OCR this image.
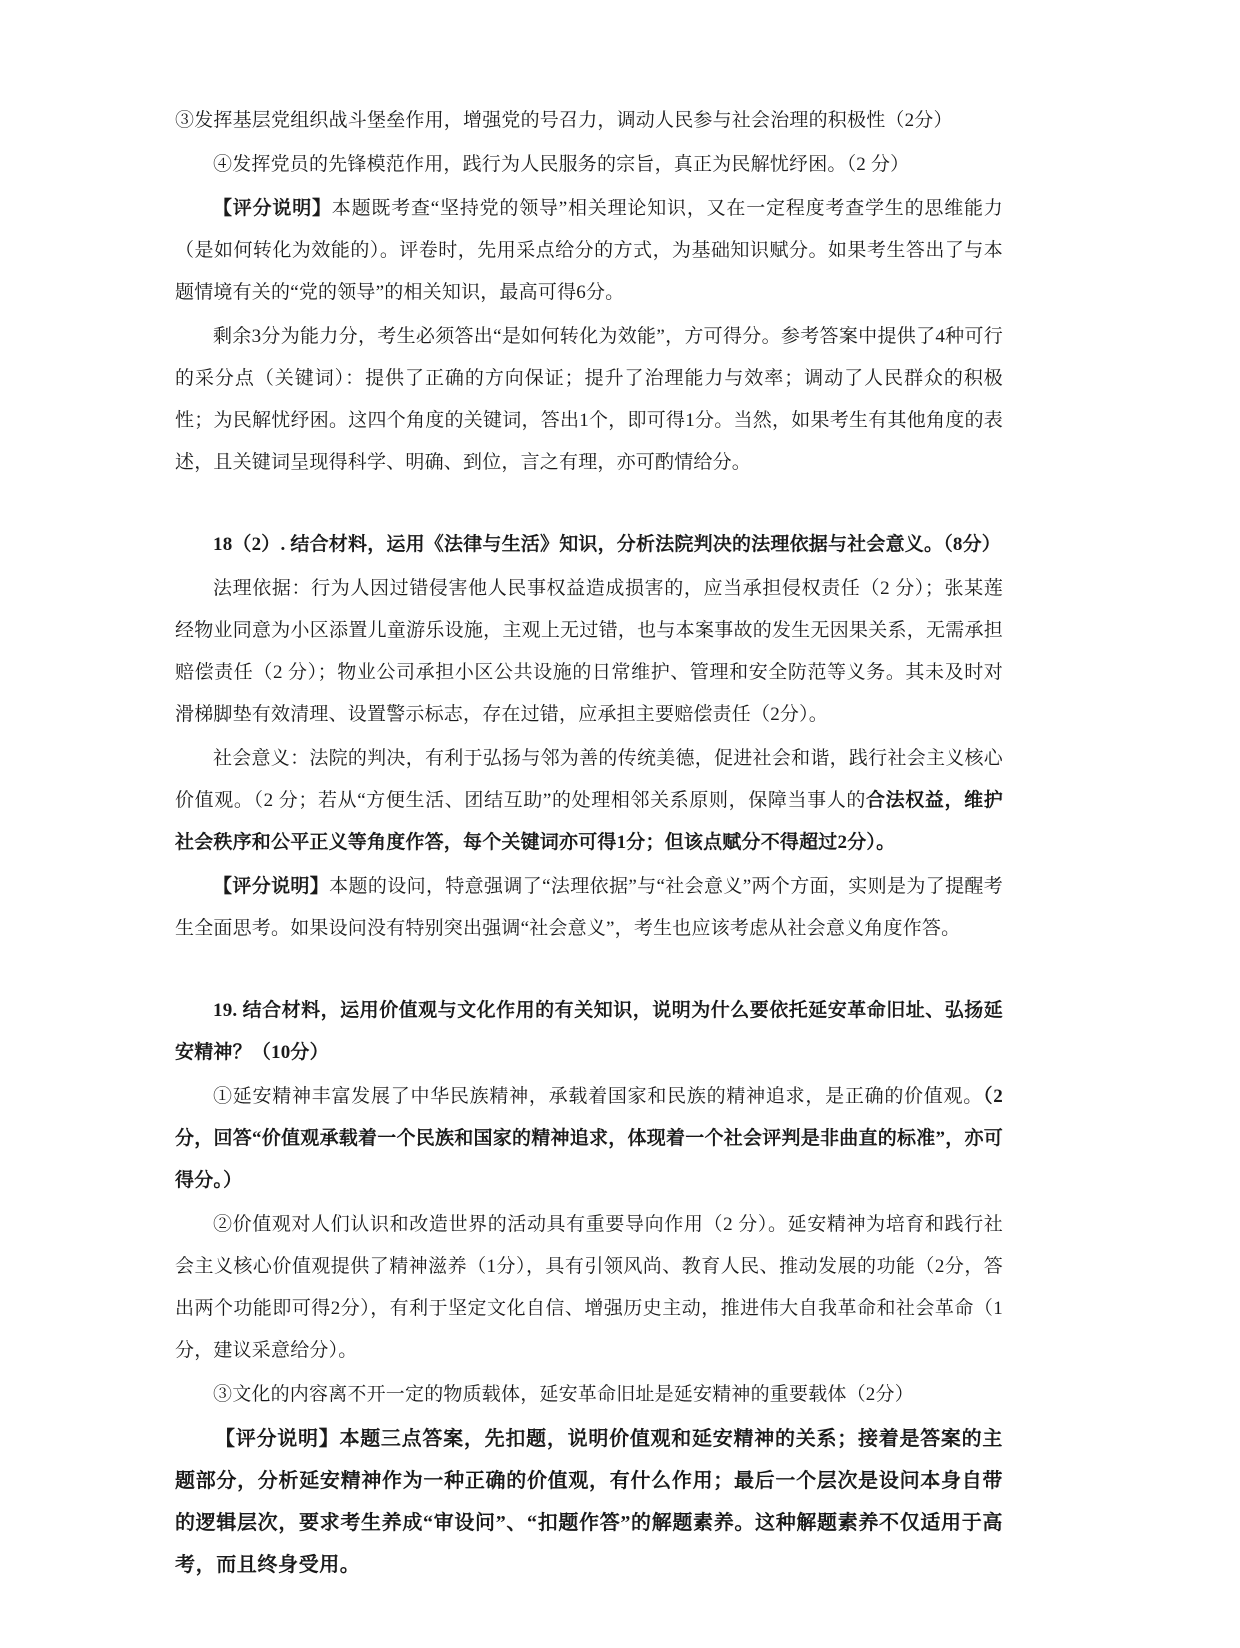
③发挥基层党组织战斗堡垒作用，增强党的号召力，调动人民参与社会治理的积极性（2分）

④发挥党员的先锋模范作用，践行为人民服务的宗旨，真正为民解忧纾困。（2 分）

【评分说明】本题既考查“坚持党的领导”相关理论知识，又在一定程度考查学生的思维能力（是如何转化为效能的）。评卷时，先用采点给分的方式，为基础知识赋分。如果考生答出了与本题情境有关的“党的领导”的相关知识，最高可得6分。

剩余3分为能力分，考生必须答出“是如何转化为效能”，方可得分。参考答案中提供了4种可行的采分点（关键词）：提供了正确的方向保证；提升了治理能力与效率；调动了人民群众的积极性；为民解忧纾困。这四个角度的关键词，答出1个，即可得1分。当然，如果考生有其他角度的表述，且关键词呈现得科学、明确、到位，言之有理，亦可酌情给分。

18（2）. 结合材料，运用《法律与生活》知识，分析法院判决的法理依据与社会意义。（8分）

法理依据：行为人因过错侵害他人民事权益造成损害的，应当承担侵权责任（2 分）；张某莲经物业同意为小区添置儿童游乐设施，主观上无过错，也与本案事故的发生无因果关系，无需承担赔偿责任（2 分）；物业公司承担小区公共设施的日常维护、管理和安全防范等义务。其未及时对滑梯脚垫有效清理、设置警示标志，存在过错，应承担主要赔偿责任（2分）。

社会意义：法院的判决，有利于弘扬与邻为善的传统美德，促进社会和谐，践行社会主义核心价值观。（2 分；若从“方便生活、团结互助”的处理相邻关系原则，保障当事人的合法权益，维护社会秩序和公平正义等角度作答，每个关键词亦可得1分；但该点赋分不得超过2分）。

【评分说明】本题的设问，特意强调了“法理依据”与“社会意义”两个方面，实则是为了提醒考生全面思考。如果设问没有特别突出强调“社会意义”，考生也应该考虑从社会意义角度作答。

19. 结合材料，运用价值观与文化作用的有关知识，说明为什么要依托延安革命旧址、弘扬延安精神？（10分）

①延安精神丰富发展了中华民族精神，承载着国家和民族的精神追求，是正确的价值观。（2分，回答“价值观承载着一个民族和国家的精神追求，体现着一个社会评判是非曲直的标准”，亦可得分。）

②价值观对人们认识和改造世界的活动具有重要导向作用（2 分）。延安精神为培育和践行社会主义核心价值观提供了精神滋养（1分），具有引领风尚、教育人民、推动发展的功能（2分，答出两个功能即可得2分），有利于坚定文化自信、增强历史主动，推进伟大自我革命和社会革命（1分，建议采意给分）。

③文化的内容离不开一定的物质载体，延安革命旧址是延安精神的重要载体（2分）

【评分说明】本题三点答案，先扣题，说明价值观和延安精神的关系；接着是答案的主题部分，分析延安精神作为一种正确的价值观，有什么作用；最后一个层次是设问本身自带的逻辑层次，要求考生养成“审设问”、“扣题作答”的解题素养。这种解题素养不仅适用于高考，而且终身受用。
